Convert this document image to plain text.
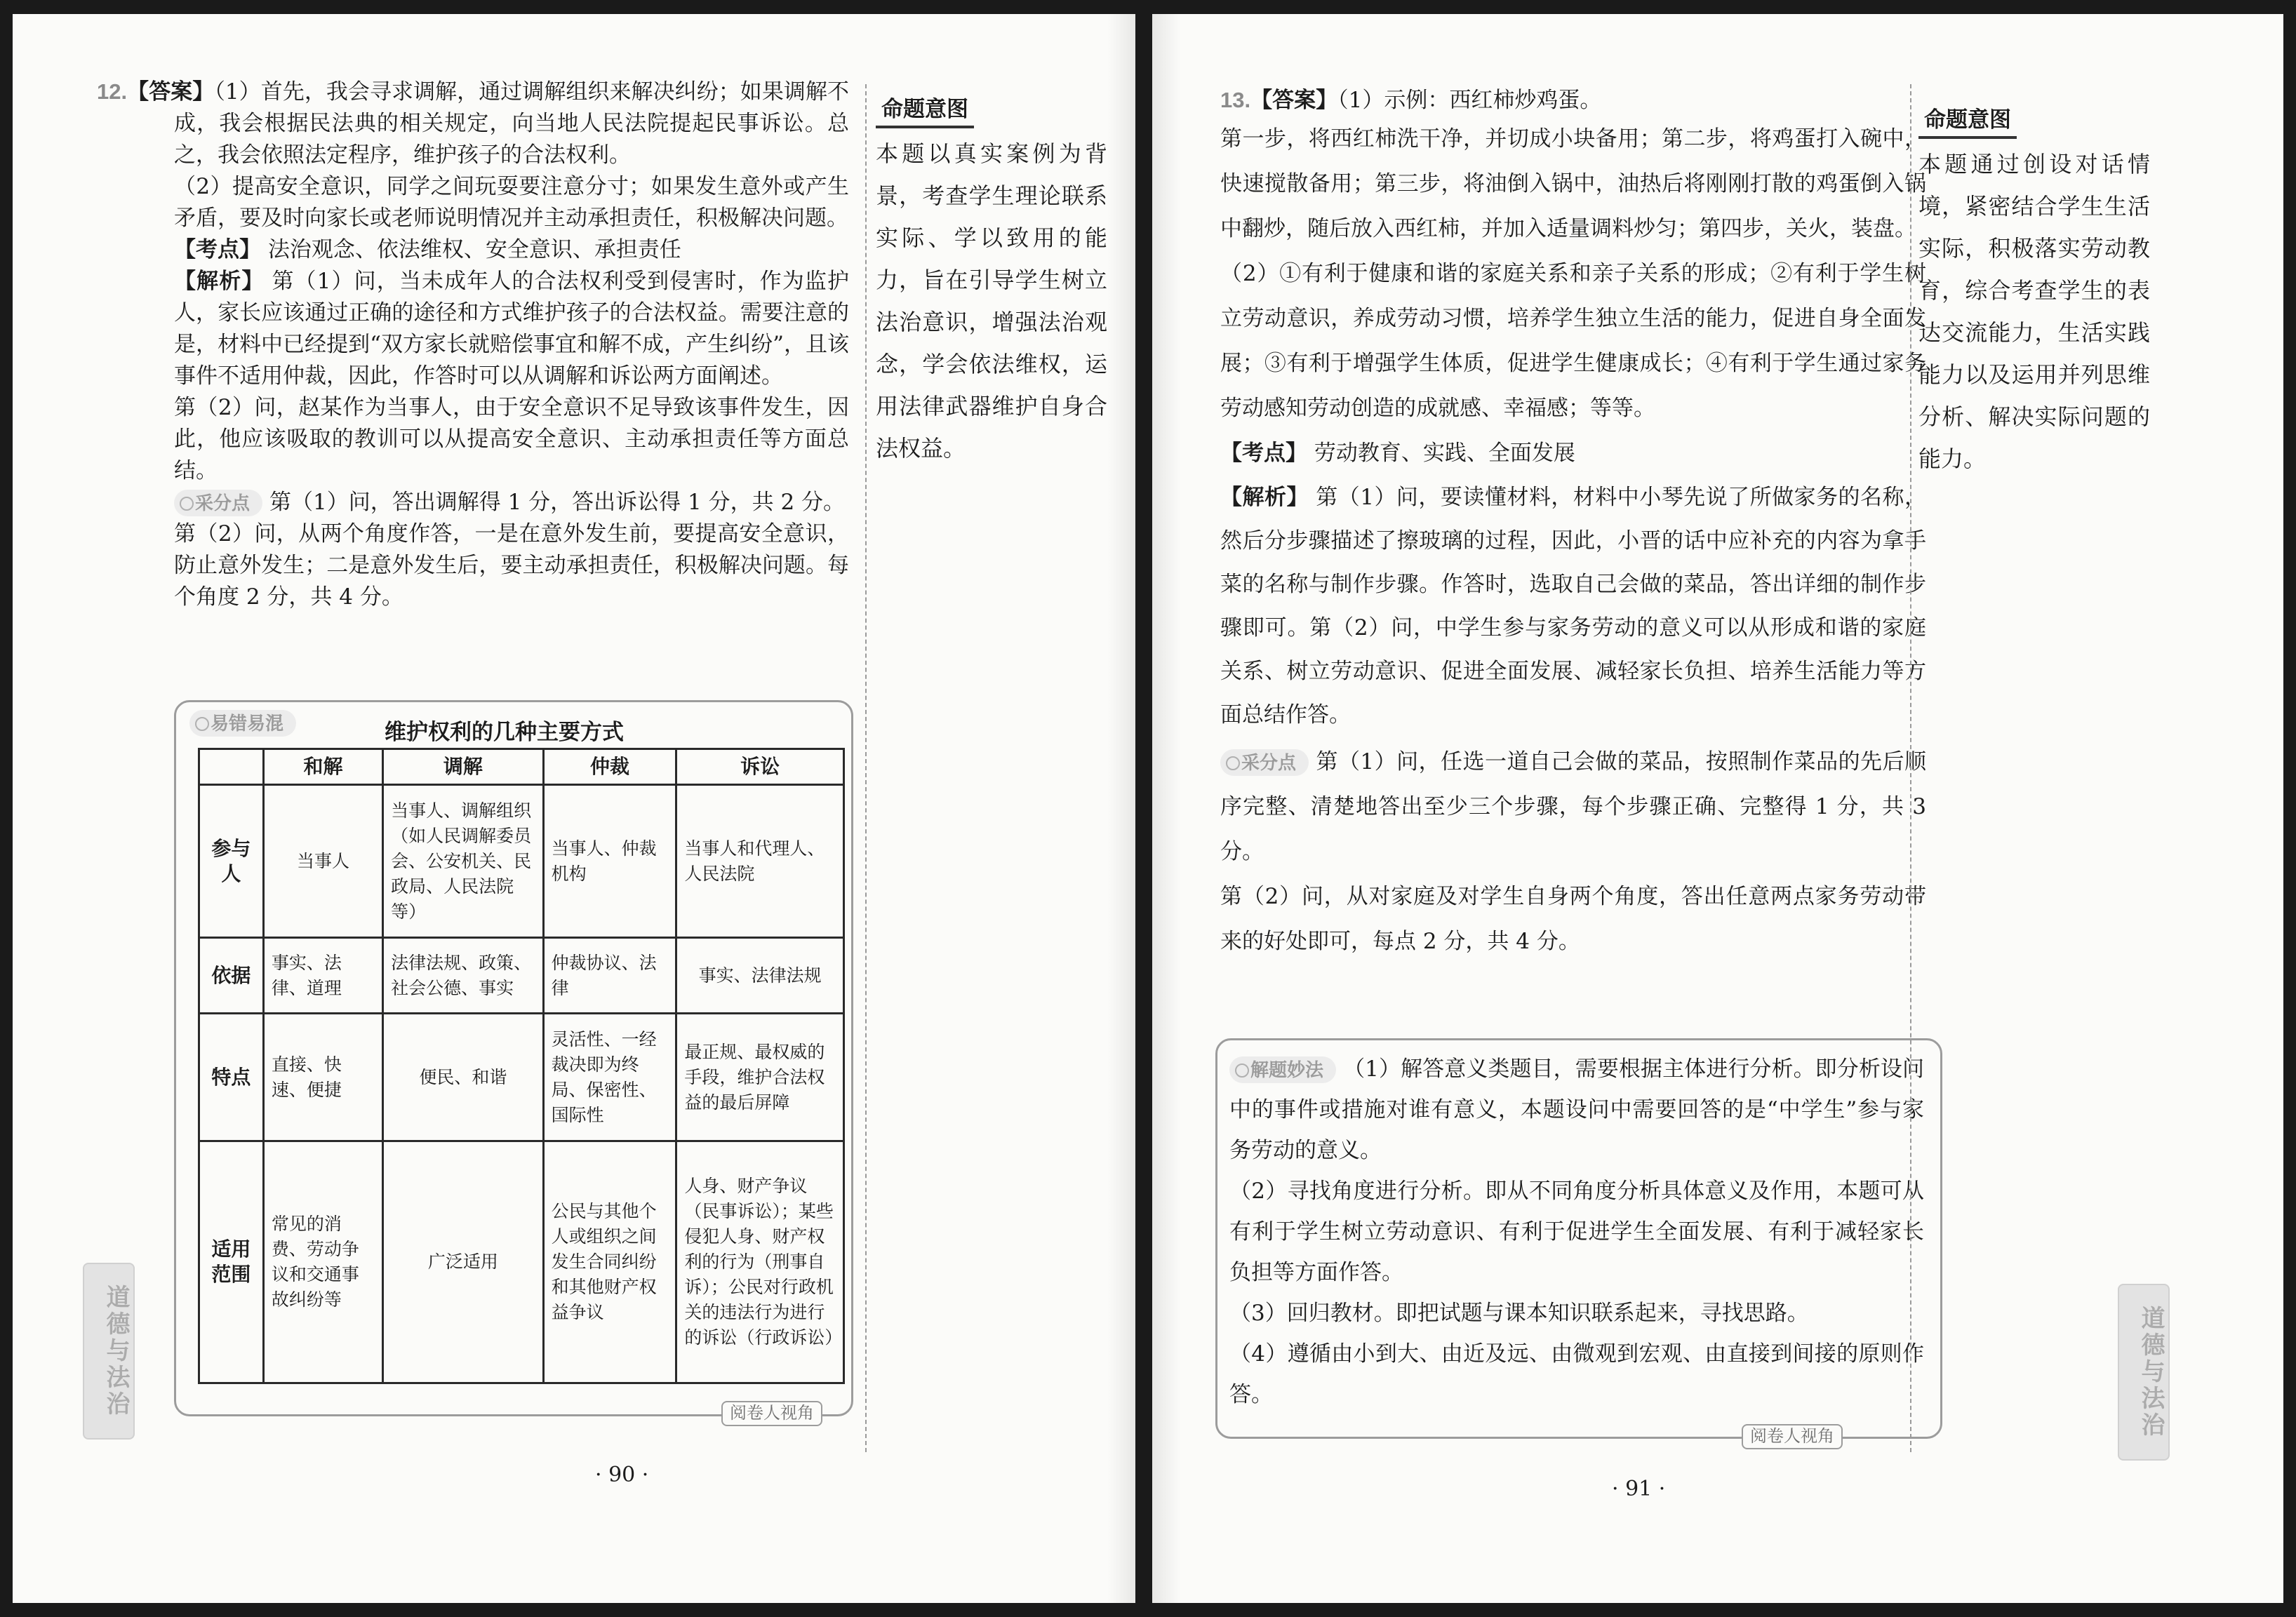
12.【答案】（1）首先，我会寻求调解，通过调解组织来解决纠纷；如果调解不成，我会根据民法典的相关规定，向当地人民法院提起民事诉讼。总之，我会依照法定程序，维护孩子的合法权利。

（2）提高安全意识，同学之间玩耍要注意分寸；如果发生意外或产生矛盾，要及时向家长或老师说明情况并主动承担责任，积极解决问题。

【考点】 法治观念、依法维权、安全意识、承担责任

【解析】 第（1）问，当未成年人的合法权利受到侵害时，作为监护人，家长应该通过正确的途径和方式维护孩子的合法权益。需要注意的是，材料中已经提到“双方家长就赔偿事宜和解不成，产生纠纷”，且该事件不适用仲裁，因此，作答时可以从调解和诉讼两方面阐述。

第（2）问，赵某作为当事人，由于安全意识不足导致该事件发生，因此，他应该吸取的教训可以从提高安全意识、主动承担责任等方面总结。

采分点 第（1）问，答出调解得 1 分，答出诉讼得 1 分，共 2 分。

第（2）问，从两个角度作答，一是在意外发生前，要提高安全意识，防止意外发生；二是意外发生后，要主动承担责任，积极解决问题。每个角度 2 分，共 4 分。

易错易混	维护权利的几种主要方式
	和解	调解	仲裁	诉讼
参与人	当事人	当事人、调解组织（如人民调解委员会、公安机关、民政局、人民法院等）	当事人、仲裁机构	当事人和代理人、人民法院
依据	事实、法律、道理	法律法规、政策、社会公德、事实	仲裁协议、法律	事实、法律法规
特点	直接、快速、便捷	便民、和谐	灵活性、一经裁决即为终局、保密性、国际性	最正规、最权威的手段，维护合法权益的最后屏障
适用范围	常见的消费、劳动争议和交通事故纠纷等	广泛适用	公民与其他个人或组织之间发生合同纠纷和其他财产权益争议	人身、财产争议（民事诉讼）；某些侵犯人身、财产权利的行为（刑事自诉）；公民对行政机关的违法行为进行的诉讼（行政诉讼）
阅卷人视角
命题意图

本题以真实案例为背景，考查学生理论联系实际、学以致用的能力，旨在引导学生树立法治意识，增强法治观念，学会依法维权，运用法律武器维护自身合法权益。

道德与法治
· 90 ·

13.【答案】（1）示例：西红柿炒鸡蛋。

第一步，将西红柿洗干净，并切成小块备用；第二步，将鸡蛋打入碗中，快速搅散备用；第三步，将油倒入锅中，油热后将刚刚打散的鸡蛋倒入锅中翻炒，随后放入西红柿，并加入适量调料炒匀；第四步，关火，装盘。

（2）①有利于健康和谐的家庭关系和亲子关系的形成；②有利于学生树立劳动意识，养成劳动习惯，培养学生独立生活的能力，促进自身全面发展；③有利于增强学生体质，促进学生健康成长；④有利于学生通过家务劳动感知劳动创造的成就感、幸福感；等等。

【考点】 劳动教育、实践、全面发展

【解析】 第（1）问，要读懂材料，材料中小琴先说了所做家务的名称，然后分步骤描述了擦玻璃的过程，因此，小晋的话中应补充的内容为拿手菜的名称与制作步骤。作答时，选取自己会做的菜品，答出详细的制作步骤即可。第（2）问，中学生参与家务劳动的意义可以从形成和谐的家庭关系、树立劳动意识、促进全面发展、减轻家长负担、培养生活能力等方面总结作答。

采分点 第（1）问，任选一道自己会做的菜品，按照制作菜品的先后顺序完整、清楚地答出至少三个步骤，每个步骤正确、完整得 1 分，共 3 分。

第（2）问，从对家庭及对学生自身两个角度，答出任意两点家务劳动带来的好处即可，每点 2 分，共 4 分。

解题妙法 （1）解答意义类题目，需要根据主体进行分析。即分析设问中的事件或措施对谁有意义，本题设问中需要回答的是“中学生”参与家务劳动的意义。

（2）寻找角度进行分析。即从不同角度分析具体意义及作用，本题可从有利于学生树立劳动意识、有利于促进学生全面发展、有利于减轻家长负担等方面作答。

（3）回归教材。即把试题与课本知识联系起来，寻找思路。

（4）遵循由小到大、由近及远、由微观到宏观、由直接到间接的原则作答。

阅卷人视角
命题意图

本题通过创设对话情境，紧密结合学生生活实际，积极落实劳动教育，综合考查学生的表达交流能力，生活实践能力以及运用并列思维分析、解决实际问题的能力。

道德与法治
· 91 ·
